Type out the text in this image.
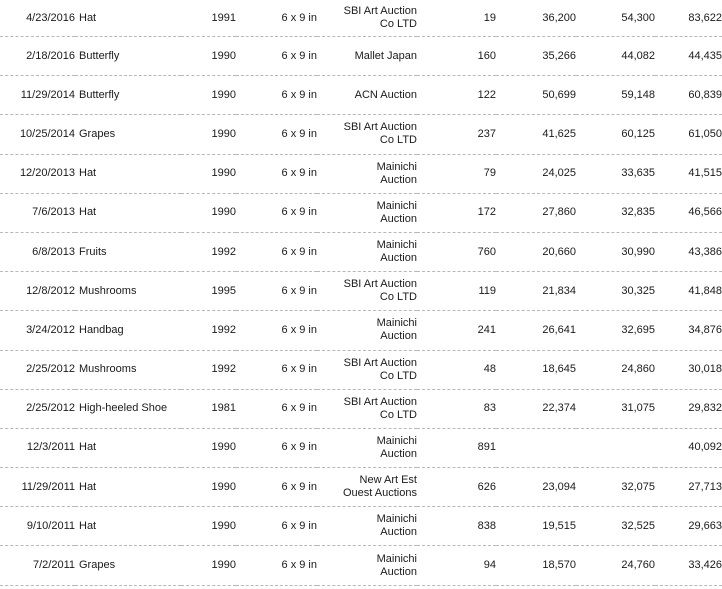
4/23/2016	Hat	1991	6 x 9 in	SBI Art Auction
Co LTD	19	36,200	54,300	83,622
2/18/2016	Butterfly	1990	6 x 9 in	Mallet Japan	160	35,266	44,082	44,435
11/29/2014	Butterfly	1990	6 x 9 in	ACN Auction	122	50,699	59,148	60,839
10/25/2014	Grapes	1990	6 x 9 in	SBI Art Auction
Co LTD	237	41,625	60,125	61,050
12/20/2013	Hat	1990	6 x 9 in	Mainichi
Auction	79	24,025	33,635	41,515
7/6/2013	Hat	1990	6 x 9 in	Mainichi
Auction	172	27,860	32,835	46,566
6/8/2013	Fruits	1992	6 x 9 in	Mainichi
Auction	760	20,660	30,990	43,386
12/8/2012	Mushrooms	1995	6 x 9 in	SBI Art Auction
Co LTD	119	21,834	30,325	41,848
3/24/2012	Handbag	1992	6 x 9 in	Mainichi
Auction	241	26,641	32,695	34,876
2/25/2012	Mushrooms	1992	6 x 9 in	SBI Art Auction
Co LTD	48	18,645	24,860	30,018
2/25/2012	High-heeled Shoe	1981	6 x 9 in	SBI Art Auction
Co LTD	83	22,374	31,075	29,832
12/3/2011	Hat	1990	6 x 9 in	Mainichi
Auction	891			40,092
11/29/2011	Hat	1990	6 x 9 in	New Art Est
Ouest Auctions	626	23,094	32,075	27,713
9/10/2011	Hat	1990	6 x 9 in	Mainichi
Auction	838	19,515	32,525	29,663
7/2/2011	Grapes	1990	6 x 9 in	Mainichi
Auction	94	18,570	24,760	33,426
